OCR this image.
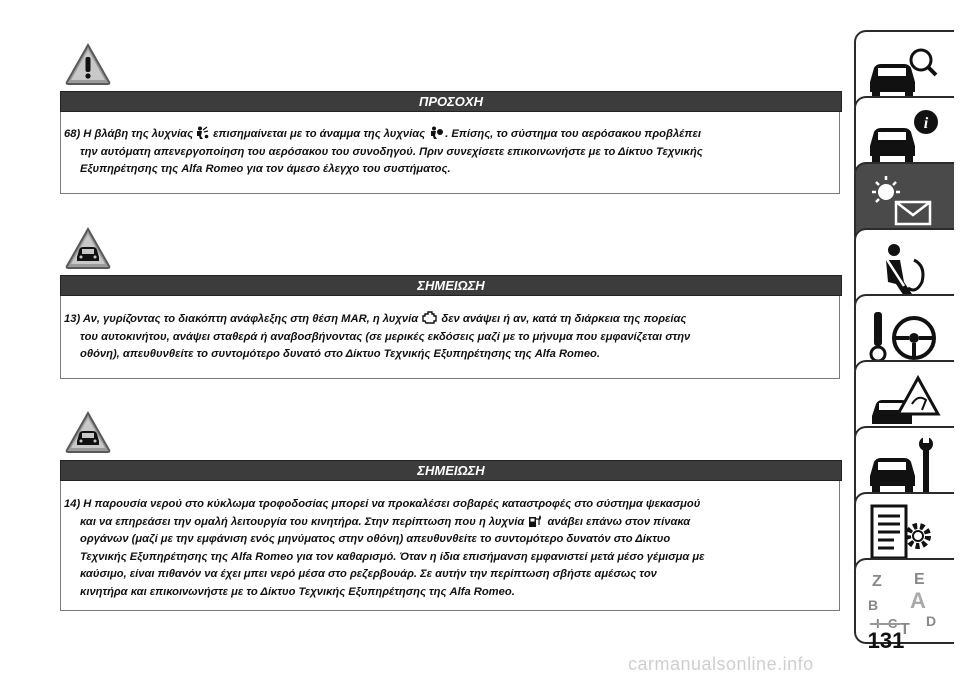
ΠΡΟΣΟΧΗ
68) Η βλάβη της λυχνίας επισημαίνεται με το άναμμα της λυχνίας . Επίσης, το σύστημα του αερόσακου προβλέπει
την αυτόματη απενεργοποίηση του αερόσακου του συνοδηγού. Πριν συνεχίσετε επικοινωνήστε με το Δίκτυο Τεχνικής
Εξυπηρέτησης της Alfa Romeo για τον άμεσο έλεγχο του συστήματος.
ΣΗΜΕΙΩΣΗ
13) Αν, γυρίζοντας το διακόπτη ανάφλεξης στη θέση MAR, η λυχνία  δεν ανάψει ή αν, κατά τη διάρκεια της πορείας
του αυτοκινήτου, ανάψει σταθερά ή αναβοσβήνοντας (σε μερικές εκδόσεις μαζί με το μήνυμα που εμφανίζεται στην
οθόνη), απευθυνθείτε το συντομότερο δυνατό στο Δίκτυο Τεχνικής Εξυπηρέτησης της Alfa Romeo.
ΣΗΜΕΙΩΣΗ
14) Η παρουσία νερού στο κύκλωμα τροφοδοσίας μπορεί να προκαλέσει σοβαρές καταστροφές στο σύστημα ψεκασμού
και να επηρεάσει την ομαλή λειτουργία του κινητήρα. Στην περίπτωση που η λυχνία  ανάβει επάνω στον πίνακα
οργάνων (μαζί με την εμφάνιση ενός μηνύματος στην οθόνη) απευθυνθείτε το συντομότερο δυνατόν στο Δίκτυο
Τεχνικής Εξυπηρέτησης της Alfa Romeo για τον καθαρισμό. Όταν η ίδια επισήμανση εμφανιστεί μετά μέσο γέμισμα με
καύσιμο, είναι πιθανόν να έχει μπει νερό μέσα στο ρεζερβουάρ. Σε αυτήν την περίπτωση σβήστε αμέσως τον
κινητήρα και επικοινωνήστε με το Δίκτυο Τεχνικής Εξυπηρέτησης της Alfa Romeo.
i
Z E
B A
T D
131
carmanualsonline.info
